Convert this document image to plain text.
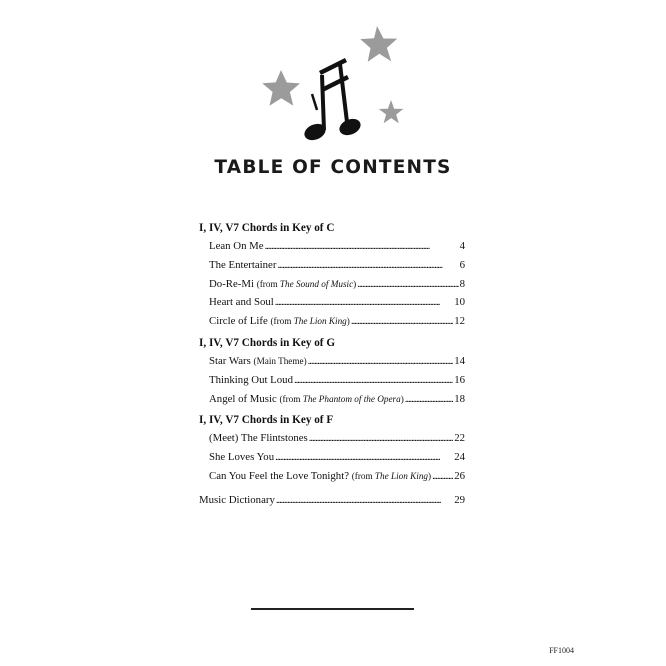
TABLE OF CONTENTS
I, IV, V7 Chords in Key of C
Lean On Me . . .	4
The Entertainer . . .	6
Do-Re-Mi (from The Sound of Music) . . .	8
Heart and Soul . . .	10
Circle of Life (from The Lion King) . . .	12
I, IV, V7 Chords in Key of G
Star Wars (Main Theme) . . .	14
Thinking Out Loud . . .	16
Angel of Music (from The Phantom of the Opera) . . .	18
I, IV, V7 Chords in Key of F
(Meet) The Flintstones . . .	22
She Loves You . . .	24
Can You Feel the Love Tonight? (from The Lion King) . . . 26
Music Dictionary . . .	29
FF1004
